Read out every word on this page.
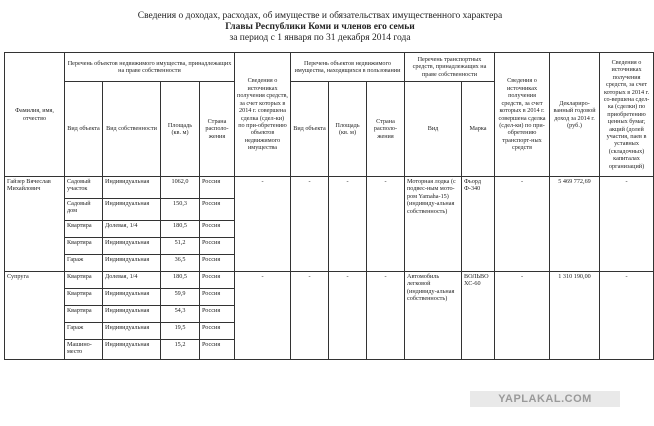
Сведения о доходах, расходах, об имуществе и обязательствах имущественного характера
Главы Республики Коми и членов его семьи
за период с 1 января по 31 декабря 2014 года
Фамилия, имя, отчество	Перечень объектов недвижимого имущества, принадлежащих на праве собственности				Сведения о источниках получения средств, за счет которых в 2014 г. совершена сделка (сдел-ки) по при-обретению объектов недвижимого имущества	Перечень объектов недвижимого имущества, находящихся в пользовании			Перечень транспортных средств, принадлежащих на праве собственности		Сведения о источниках получения средств, за счет которых в 2014 г. совершена сделка (сдел-ки) по при-обретению транспорт-ных средств	Деклариро-ванный годовой доход за 2014 г. (руб.)	Сведения о источниках получения средств, за счет которых в 2014 г. со-вершена сдел-ка (сделки) по приобретению ценных бумаг, акций (долей участия, паев в уставных (складочных) капиталах организаций)
	Вид объекта	Вид собственности	Площадь (кв. м)	Страна располо-жения		Вид объекта	Площадь (кв. м)	Страна располо-жения	Вид	Марка			
Гайзер Вячеслав Михайлович	Садовый участок	Индивидуальная	1062,0	Россия	-	-	-	-	Моторная лодка (с подвес-ным мото-ром Yamaha-15) (индивиду-альная собственность)	Фьорд Ф-340	-	5 469 772,69	-
	Садовый дом	Индивидуальная	150,3	Россия									
	Квартира	Долевая, 1/4	180,5	Россия									
	Квартира	Индивидуальная	51,2	Россия									
	Гараж	Индивидуальная	36,5	Россия									
Супруга	Квартира	Долевая, 1/4	180,5	Россия	-	-	-	-	Автомобиль легковой (индивиду-альная собственность)	ВОЛЬВО ХС-60	-	1 310 190,00	-
	Квартира	Индивидуальная	59,9	Россия									
	Квартира	Индивидуальная	54,3	Россия									
	Гараж	Индивидуальная	19,5	Россия									
	Машино-место	Индивидуальная	15,2	Россия									
YAPLAKAL.COM
